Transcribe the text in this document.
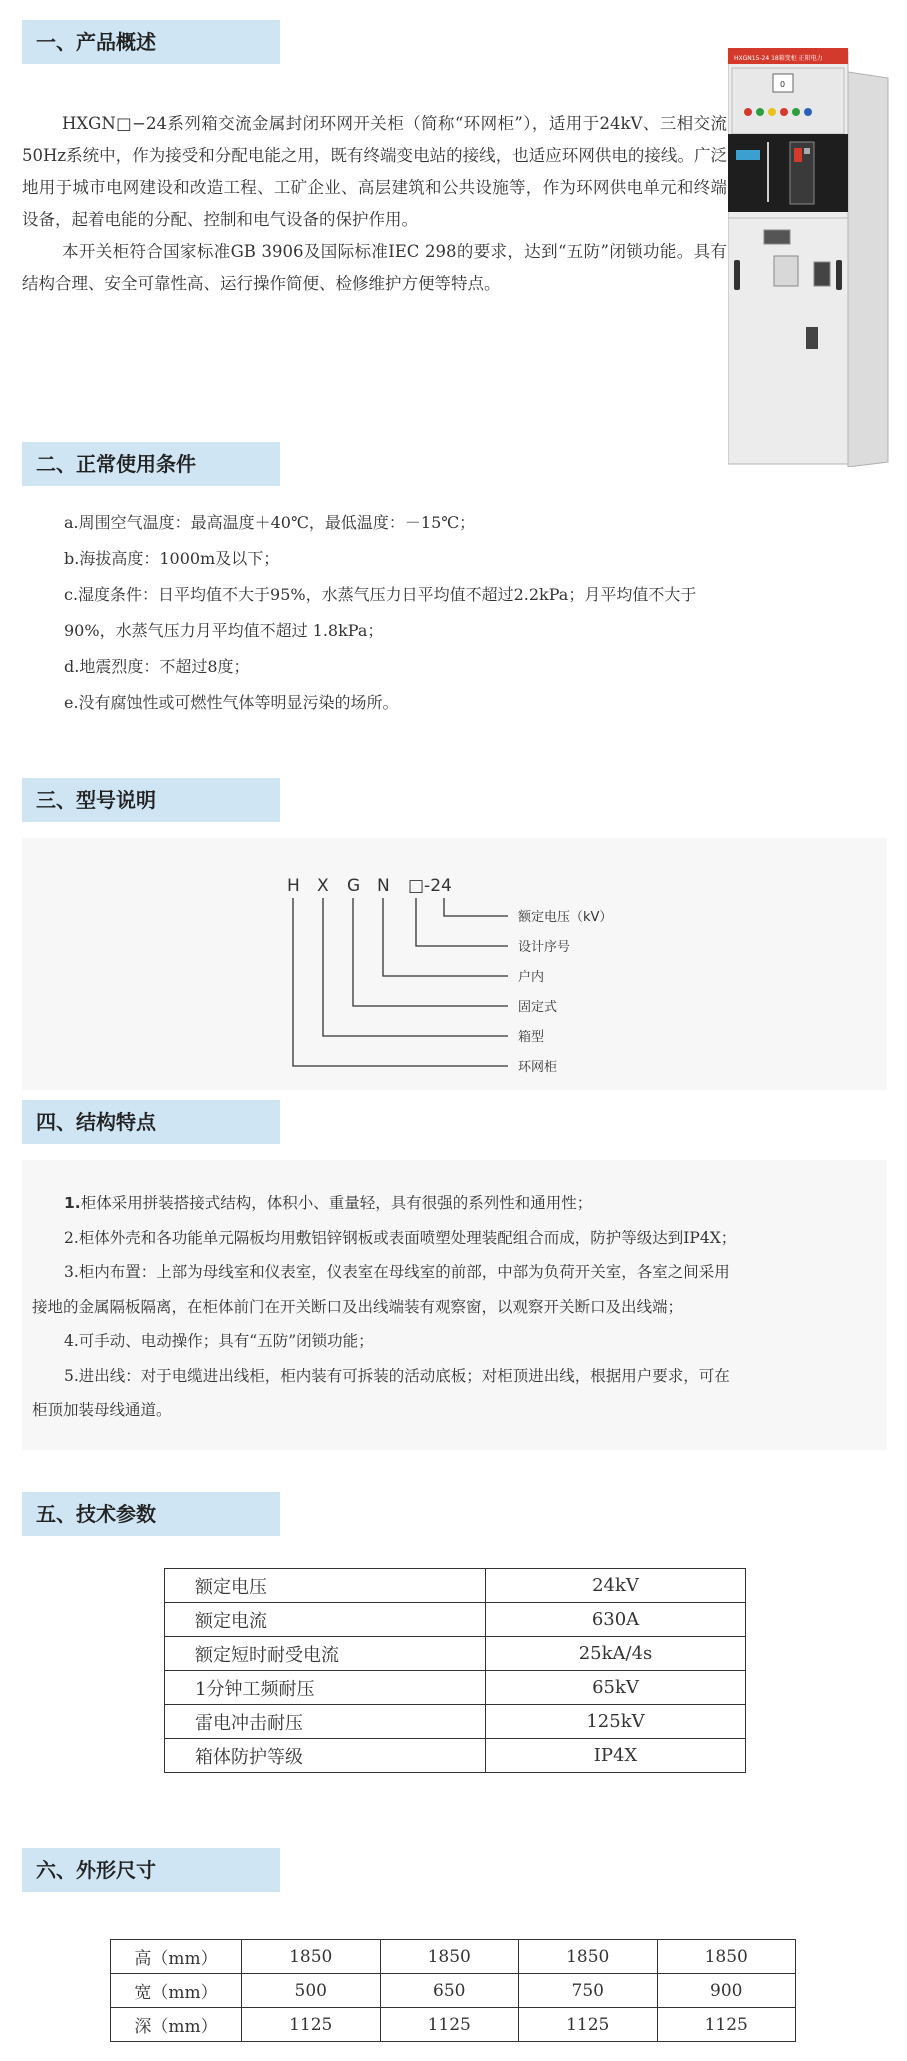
一、产品概述

HXGN□−24系列箱交流金属封闭环网开关柜（简称“环网柜”），适用于24kV、三相交流50Hz系统中，作为接受和分配电能之用，既有终端变电站的接线，也适应环网供电的接线。广泛地用于城市电网建设和改造工程、工矿企业、高层建筑和公共设施等，作为环网供电单元和终端设备，起着电能的分配、控制和电气设备的保护作用。

本开关柜符合国家标准GB 3906及国际标准IEC 298的要求，达到“五防”闭锁功能。具有结构合理、安全可靠性高、运行操作简便、检修维护方便等特点。

HXGN15-24 18箱变柜 正阳电力
0
二、正常使用条件

a.周围空气温度：最高温度＋40℃，最低温度：－15℃；

b.海拔高度：1000m及以下；

c.湿度条件：日平均值不大于95%，水蒸气压力日平均值不超过2.2kPa；月平均值不大于

90%，水蒸气压力月平均值不超过 1.8kPa；

d.地震烈度：不超过8度；

e.没有腐蚀性或可燃性气体等明显污染的场所。

三、型号说明
H X G N □-24
额定电压（kV）
设计序号
户内
固定式
箱型
环网柜
四、结构特点

1.柜体采用拼装搭接式结构，体积小、重量轻，具有很强的系列性和通用性；

2.柜体外壳和各功能单元隔板均用敷铝锌钢板或表面喷塑处理装配组合而成，防护等级达到IP4X；

3.柜内布置：上部为母线室和仪表室，仪表室在母线室的前部，中部为负荷开关室，各室之间采用

接地的金属隔板隔离，在柜体前门在开关断口及出线端装有观察窗，以观察开关断口及出线端；

4.可手动、电动操作；具有“五防”闭锁功能；

5.进出线：对于电缆进出线柜，柜内装有可拆装的活动底板；对柜顶进出线，根据用户要求，可在

柜顶加装母线通道。

五、技术参数
额定电压	24kV
额定电流	630A
额定短时耐受电流	25kA/4s
1分钟工频耐压	65kV
雷电冲击耐压	125kV
箱体防护等级	IP4X
六、外形尺寸
高（mm）	1850	1850	1850	1850
宽（mm）	500	650	750	900
深（mm）	1125	1125	1125	1125
